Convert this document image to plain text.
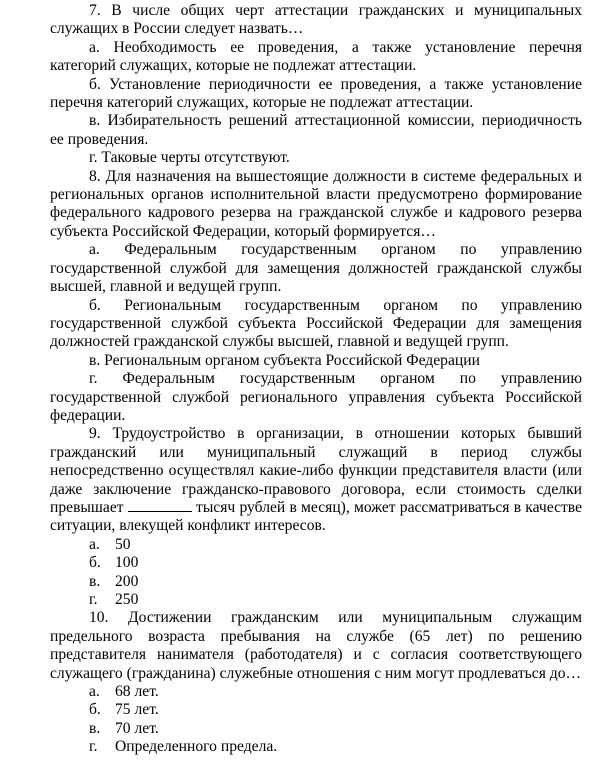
7. В числе общих черт аттестации гражданских и муниципальных служащих в России следует назвать…

а. Необходимость ее проведения, а также установление перечня категорий служащих, которые не подлежат аттестации.

б. Установление периодичности ее проведения, а также установление перечня категорий служащих, которые не подлежат аттестации.

в. Избирательность решений аттестационной комиссии, периодичность ее проведения.

г. Таковые черты отсутствуют.

8. Для назначения на вышестоящие должности в системе федеральных и региональных органов исполнительной власти предусмотрено формирование федерального кадрового резерва на гражданской службе и кадрового резерва субъекта Российской Федерации, который формируется…

а. Федеральным государственным органом по управлению государственной службой для замещения должностей гражданской службы высшей, главной и ведущей групп.

б. Региональным государственным органом по управлению государственной службой субъекта Российской Федерации для замещения должностей гражданской службы высшей, главной и ведущей групп.

в. Региональным органом субъекта Российской Федерации

г. Федеральным государственным органом по управлению государственной службой регионального управления субъекта Российской федерации.

9. Трудоустройство в организации, в отношении которых бывший гражданский или муниципальный служащий в период службы непосредственно осуществлял какие-либо функции представителя власти (или даже заключение гражданско-правового договора, если стоимость сделки превышает	тысяч рублей в месяц), может рассматриваться в качестве ситуации, влекущей конфликт интересов.

а. 50

б. 100

в. 200

г. 250

10. Достижении гражданским или муниципальным служащим предельного возраста пребывания на службе (65 лет) по решению представителя нанимателя (работодателя) и с согласия соответствующего служащего (гражданина) служебные отношения с ним могут продлеваться до…

а. 68 лет.

б. 75 лет.

в. 70 лет.

г. Определенного предела.
